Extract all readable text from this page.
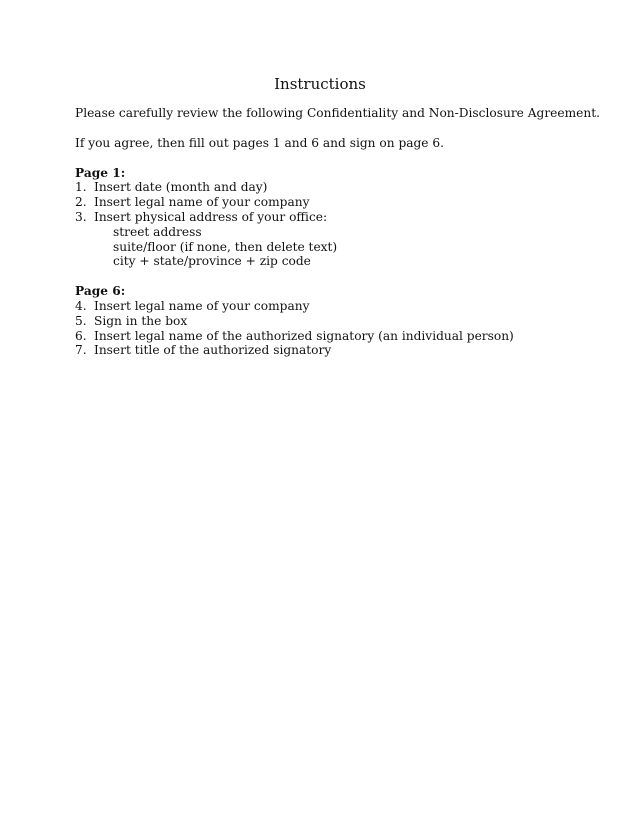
Instructions

Please carefully review the following Confidentiality and Non-Disclosure Agreement.

If you agree, then fill out pages 1 and 6 and sign on page 6.

Page 1:

1. Insert date (month and day)
2. Insert legal name of your company
3. Insert physical address of your office:
street address
suite/floor (if none, then delete text)
city + state/province + zip code

Page 6:

4. Insert legal name of your company
5. Sign in the box
6. Insert legal name of the authorized signatory (an individual person)
7. Insert title of the authorized signatory
